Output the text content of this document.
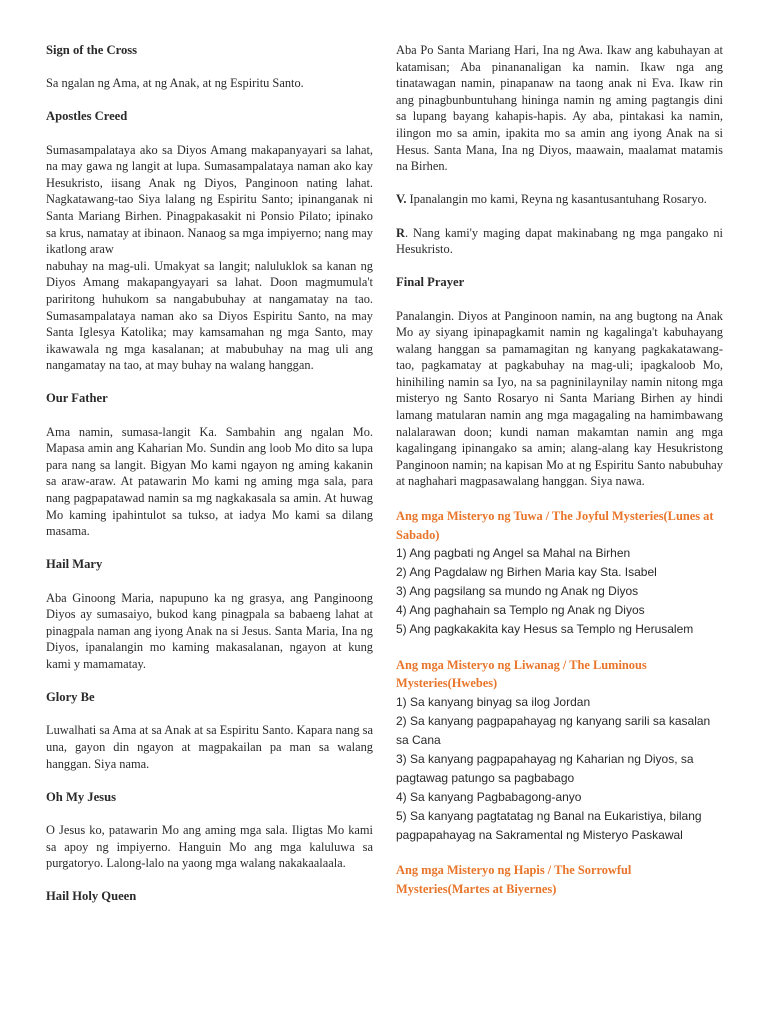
Sign of the Cross

Sa ngalan ng Ama, at ng Anak, at ng Espiritu Santo.

Apostles Creed

Sumasampalataya ako sa Diyos Amang makapanyayari sa lahat, na may gawa ng langit at lupa. Sumasampalataya naman ako kay Hesukristo, iisang Anak ng Diyos, Panginoon nating lahat. Nagkatawang-tao Siya lalang ng Espiritu Santo; ipinanganak ni Santa Mariang Birhen. Pinagpakasakit ni Ponsio Pilato; ipinako sa krus, namatay at ibinaon. Nanaog sa mga impiyerno; nang may ikatlong araw

nabuhay na mag-uli. Umakyat sa langit; naluluklok sa kanan ng Diyos Amang makapangyayari sa lahat. Doon magmumula't pariritong huhukom sa nangabubuhay at nangamatay na tao. Sumasampalataya naman ako sa Diyos Espiritu Santo, na may Santa Iglesya Katolika; may kamsamahan ng mga Santo, may ikawawala ng mga kasalanan; at mabubuhay na mag uli ang nangamatay na tao, at may buhay na walang hanggan.

Our Father

Ama namin, sumasa-langit Ka. Sambahin ang ngalan Mo. Mapasa amin ang Kaharian Mo. Sundin ang loob Mo dito sa lupa para nang sa langit. Bigyan Mo kami ngayon ng aming kakanin sa araw-araw. At patawarin Mo kami ng aming mga sala, para nang pagpapatawad namin sa mg nagkakasala sa amin. At huwag Mo kaming ipahintulot sa tukso, at iadya Mo kami sa dilang masama.

Hail Mary

Aba Ginoong Maria, napupuno ka ng grasya, ang Panginoong Diyos ay sumasaiyo, bukod kang pinagpala sa babaeng lahat at pinagpala naman ang iyong Anak na si Jesus. Santa Maria, Ina ng Diyos, ipanalangin mo kaming makasalanan, ngayon at kung kami y mamamatay.

Glory Be

Luwalhati sa Ama at sa Anak at sa Espiritu Santo. Kapara nang sa una, gayon din ngayon at magpakailan pa man sa walang hanggan. Siya nama.

Oh My Jesus

O Jesus ko, patawarin Mo ang aming mga sala. Iligtas Mo kami sa apoy ng impiyerno. Hanguin Mo ang mga kaluluwa sa purgatoryo. Lalong-lalo na yaong mga walang nakakaalaala.

Hail Holy Queen

Aba Po Santa Mariang Hari, Ina ng Awa. Ikaw ang kabuhayan at katamisan; Aba pinananaligan ka namin. Ikaw nga ang tinatawagan namin, pinapanaw na taong anak ni Eva. Ikaw rin ang pinagbunbuntuhang hininga namin ng aming pagtangis dini sa lupang bayang kahapis-hapis. Ay aba, pintakasi ka namin, ilingon mo sa amin, ipakita mo sa amin ang iyong Anak na si Hesus. Santa Mana, Ina ng Diyos, maawain, maalamat matamis na Birhen.

V. Ipanalangin mo kami, Reyna ng kasantusantuhang Rosaryo.

R. Nang kami'y maging dapat makinabang ng mga pangako ni Hesukristo.

Final Prayer

Panalangin. Diyos at Panginoon namin, na ang bugtong na Anak Mo ay siyang ipinapagkamit namin ng kagalinga't kabuhayang walang hanggan sa pamamagitan ng kanyang pagkakatawang-tao, pagkamatay at pagkabuhay na mag-uli; ipagkaloob Mo, hinihiling namin sa Iyo, na sa pagninilaynilay namin nitong mga misteryo ng Santo Rosaryo ni Santa Mariang Birhen ay hindi lamang matularan namin ang mga magagaling na hamimbawang nalalarawan doon; kundi naman makamtan namin ang mga kagalingang ipinangako sa amin; alang-alang kay Hesukristong Panginoon namin; na kapisan Mo at ng Espiritu Santo nabubuhay at naghahari magpasawalang hanggan. Siya nawa.

Ang mga Misteryo ng Tuwa / The Joyful Mysteries(Lunes at Sabado)
1) Ang pagbati ng Angel sa Mahal na Birhen
2) Ang Pagdalaw ng Birhen Maria kay Sta. Isabel
3) Ang pagsilang sa mundo ng Anak ng Diyos
4) Ang paghahain sa Templo ng Anak ng Diyos
5) Ang pagkakakita kay Hesus sa Templo ng Herusalem
Ang mga Misteryo ng Liwanag / The Luminous Mysteries(Hwebes)
1) Sa kanyang binyag sa ilog Jordan
2) Sa kanyang pagpapahayag ng kanyang sarili sa kasalan sa Cana
3) Sa kanyang pagpapahayag ng Kaharian ng Diyos, sa pagtawag patungo sa pagbabago
4) Sa kanyang Pagbabagong-anyo
5) Sa kanyang pagtatatag ng Banal na Eukaristiya, bilang pagpapahayag na Sakramental ng Misteryo Paskawal
Ang mga Misteryo ng Hapis / The Sorrowful Mysteries(Martes at Biyernes)
